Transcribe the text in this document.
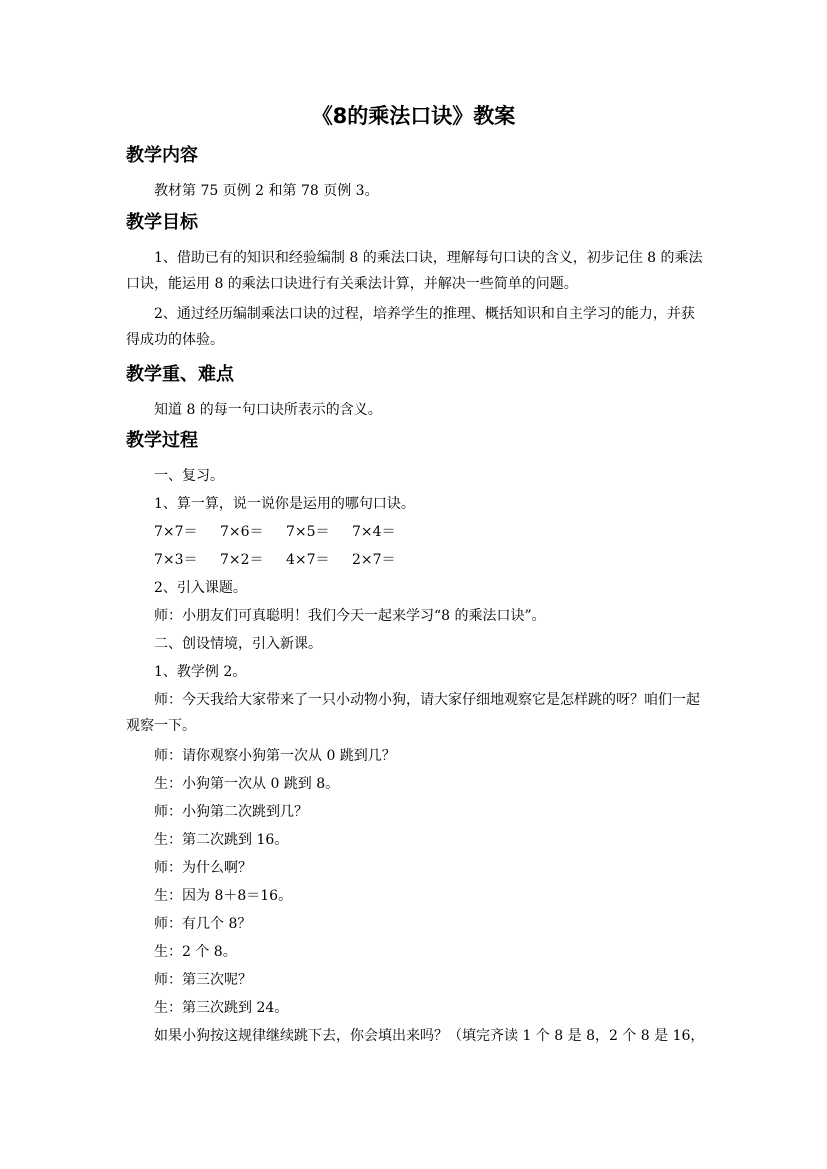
《8的乘法口诀》教案
教学内容
教材第 75 页例 2 和第 78 页例 3。
教学目标
1、借助已有的知识和经验编制 8 的乘法口诀，理解每句口诀的含义，初步记住 8 的乘法口诀，能运用 8 的乘法口诀进行有关乘法计算，并解决一些简单的问题。
2、通过经历编制乘法口诀的过程，培养学生的推理、概括知识和自主学习的能力，并获得成功的体验。
教学重、难点
知道 8 的每一句口诀所表示的含义。
教学过程
一、复习。
1、算一算，说一说你是运用的哪句口诀。
7×7＝ 7×6＝ 7×5＝ 7×4＝
7×3＝ 7×2＝ 4×7＝ 2×7＝
2、引入课题。
师：小朋友们可真聪明！我们今天一起来学习“8 的乘法口诀”。
二、创设情境，引入新课。
1、教学例 2。
师：今天我给大家带来了一只小动物小狗，请大家仔细地观察它是怎样跳的呀？咱们一起观察一下。
师：请你观察小狗第一次从 0 跳到几？
生：小狗第一次从 0 跳到 8。
师：小狗第二次跳到几？
生：第二次跳到 16。
师：为什么啊？
生：因为 8＋8＝16。
师：有几个 8？
生：2 个 8。
师：第三次呢？
生：第三次跳到 24。
如果小狗按这规律继续跳下去，你会填出来吗？（填完齐读 1 个 8 是 8，2 个 8 是 16，
